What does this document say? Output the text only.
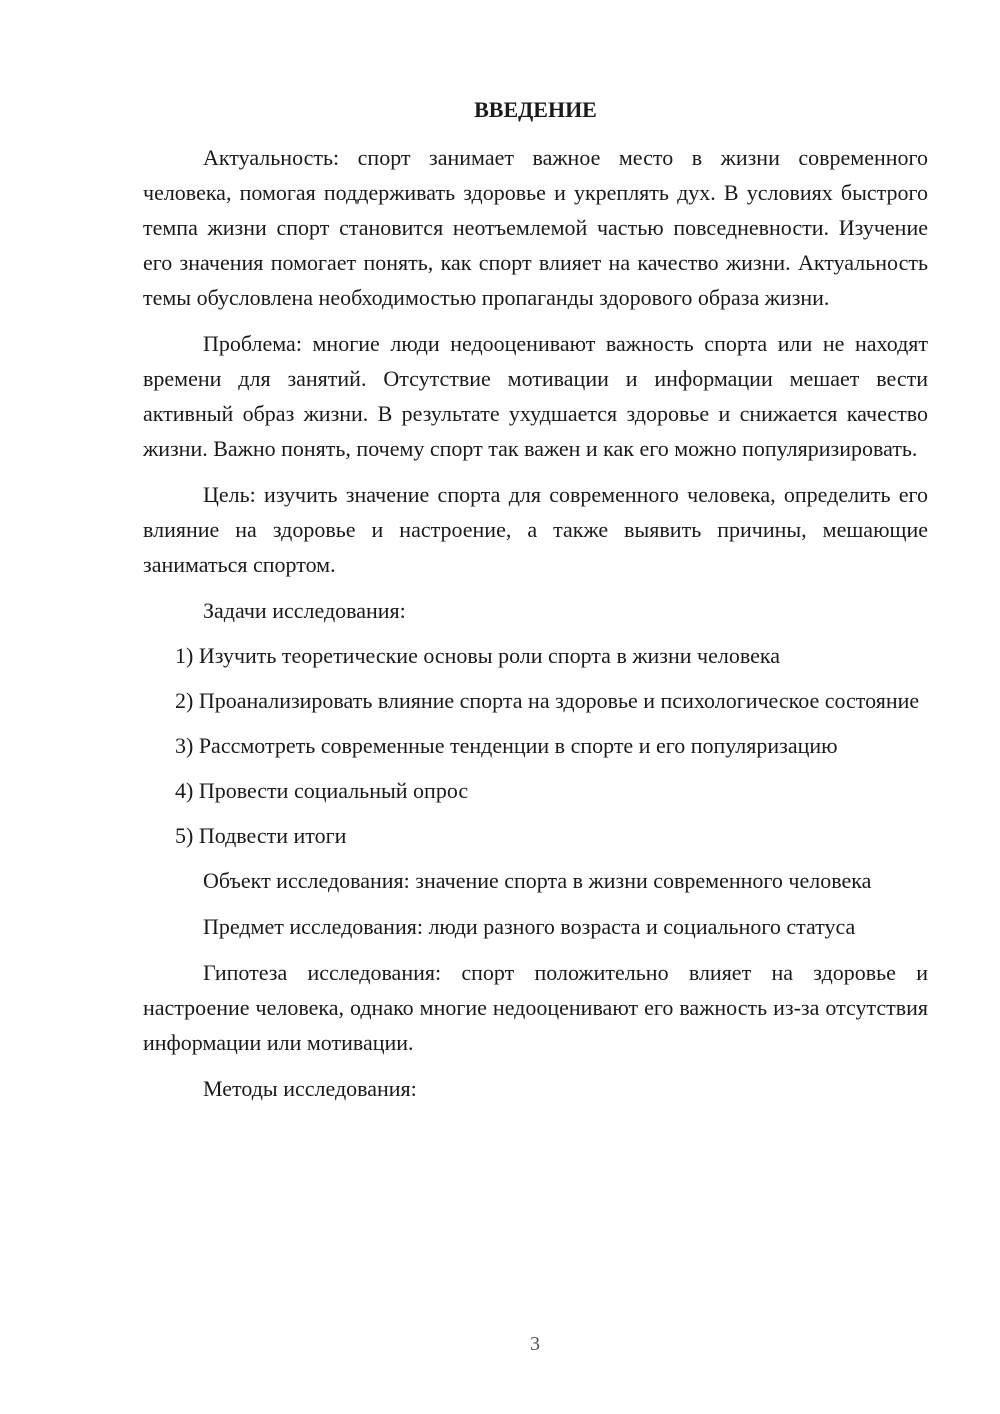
ВВЕДЕНИЕ

Актуальность: спорт занимает важное место в жизни современного человека, помогая поддерживать здоровье и укреплять дух. В условиях быстрого темпа жизни спорт становится неотъемлемой частью повседневности. Изучение его значения помогает понять, как спорт влияет на качество жизни. Актуальность темы обусловлена необходимостью пропаганды здорового образа жизни.

Проблема: многие люди недооценивают важность спорта или не находят времени для занятий. Отсутствие мотивации и информации мешает вести активный образ жизни. В результате ухудшается здоровье и снижается качество жизни. Важно понять, почему спорт так важен и как его можно популяризировать.

Цель: изучить значение спорта для современного человека, определить его влияние на здоровье и настроение, а также выявить причины, мешающие заниматься спортом.

Задачи исследования:

1) Изучить теоретические основы роли спорта в жизни человека

2) Проанализировать влияние спорта на здоровье и психологическое состояние

3) Рассмотреть современные тенденции в спорте и его популяризацию

4) Провести социальный опрос

5) Подвести итоги

Объект исследования: значение спорта в жизни современного человека

Предмет исследования: люди разного возраста и социального статуса

Гипотеза исследования: спорт положительно влияет на здоровье и настроение человека, однако многие недооценивают его важность из-за отсутствия информации или мотивации.

Методы исследования:

3
